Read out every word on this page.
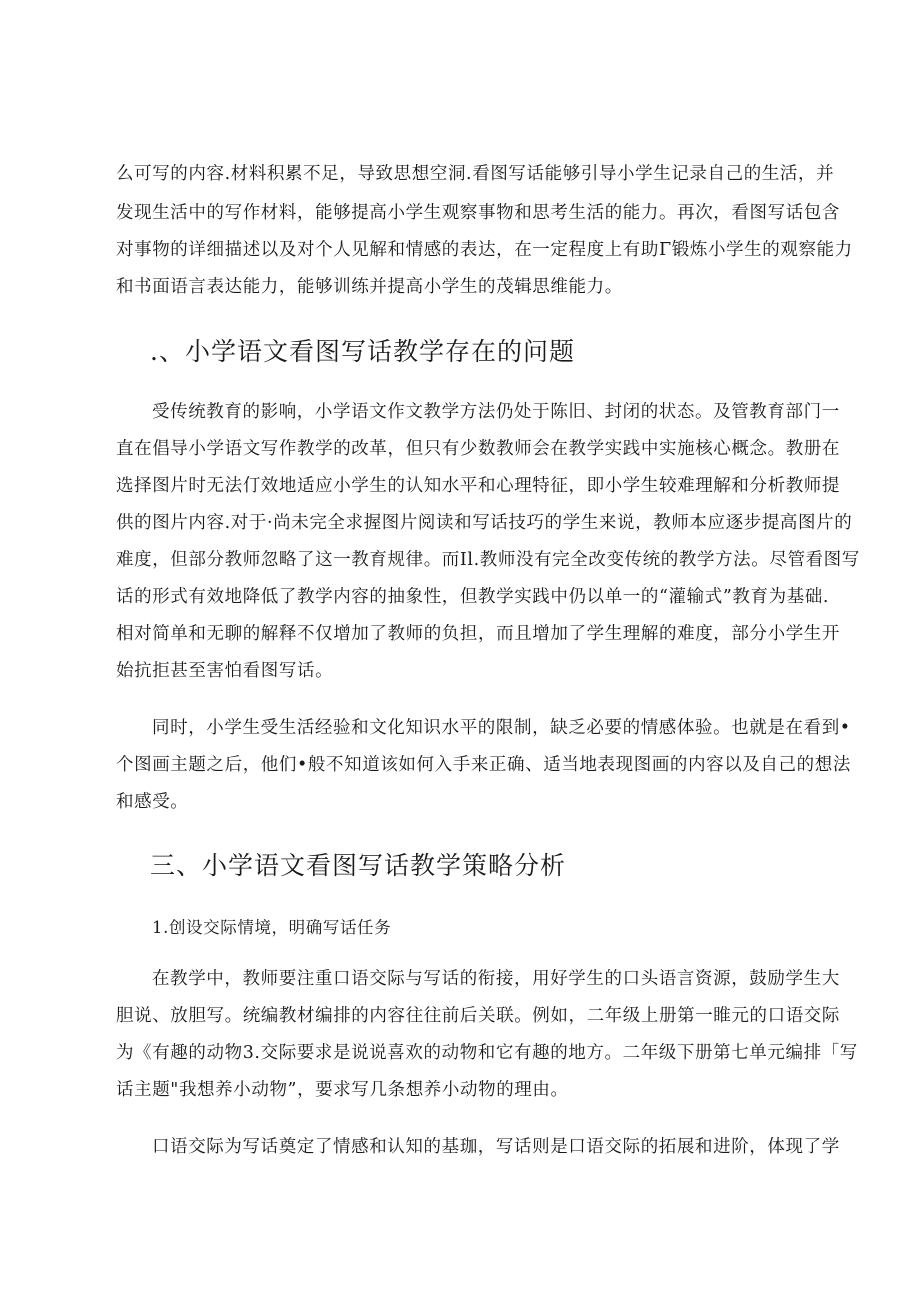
么可写的内容.材料积累不足，导致思想空洞.看图写话能够引导小学生记录自己的生活，并
发现生活中的写作材料，能够提高小学生观察事物和思考生活的能力。再次，看图写话包含
对事物的详细描述以及对个人见解和情感的表达，在一定程度上有助Γ锻炼小学生的观察能力
和书面语言表达能力，能够训练并提高小学生的茂辑思维能力。
.、小学语文看图写话教学存在的问题
受传统教育的影响，小学语文作文教学方法仍处于陈旧、封闭的状态。及管教育部门一
直在倡导小学语文写作教学的改革，但只有少数教师会在教学实践中实施核心概念。教册在
选择图片时无法仃效地适应小学生的认知水平和心理特征，即小学生较难理解和分析教师提
供的图片内容.对于·尚未完全求握图片阅读和写话技巧的学生来说，教师本应逐步提高图片的
难度，但部分教师忽略了这一教育规律。而Il.教师没有完全改变传统的教学方法。尽管看图写
话的形式有效地降低了教学内容的抽象性，但教学实践中仍以单一的“灌输式”教育为基础.
相对简单和无聊的解释不仅增加了教师的负担，而且增加了学生理解的难度，部分小学生开
始抗拒甚至害怕看图写话。
同时，小学生受生活经验和文化知识水平的限制，缺乏必要的情感体验。也就是在看到•
个图画主题之后，他们•般不知道该如何入手来正确、适当地表现图画的内容以及自己的想法
和感受。
三、小学语文看图写话教学策略分析
1.创设交际情境，明确写话任务
在教学中，教师要注重口语交际与写话的衔接，用好学生的口头语言资源，鼓励学生大
胆说、放胆写。统编教材编排的内容往往前后关联。例如，二年级上册第一睢元的口语交际
为《有趣的动物3.交际要求是说说喜欢的动物和它有趣的地方。二年级下册第七单元编排「写
话主题"我想养小动物”，要求写几条想养小动物的理由。
口语交际为写话奠定了情感和认知的基珈，写话则是口语交际的拓展和进阶，体现了学
